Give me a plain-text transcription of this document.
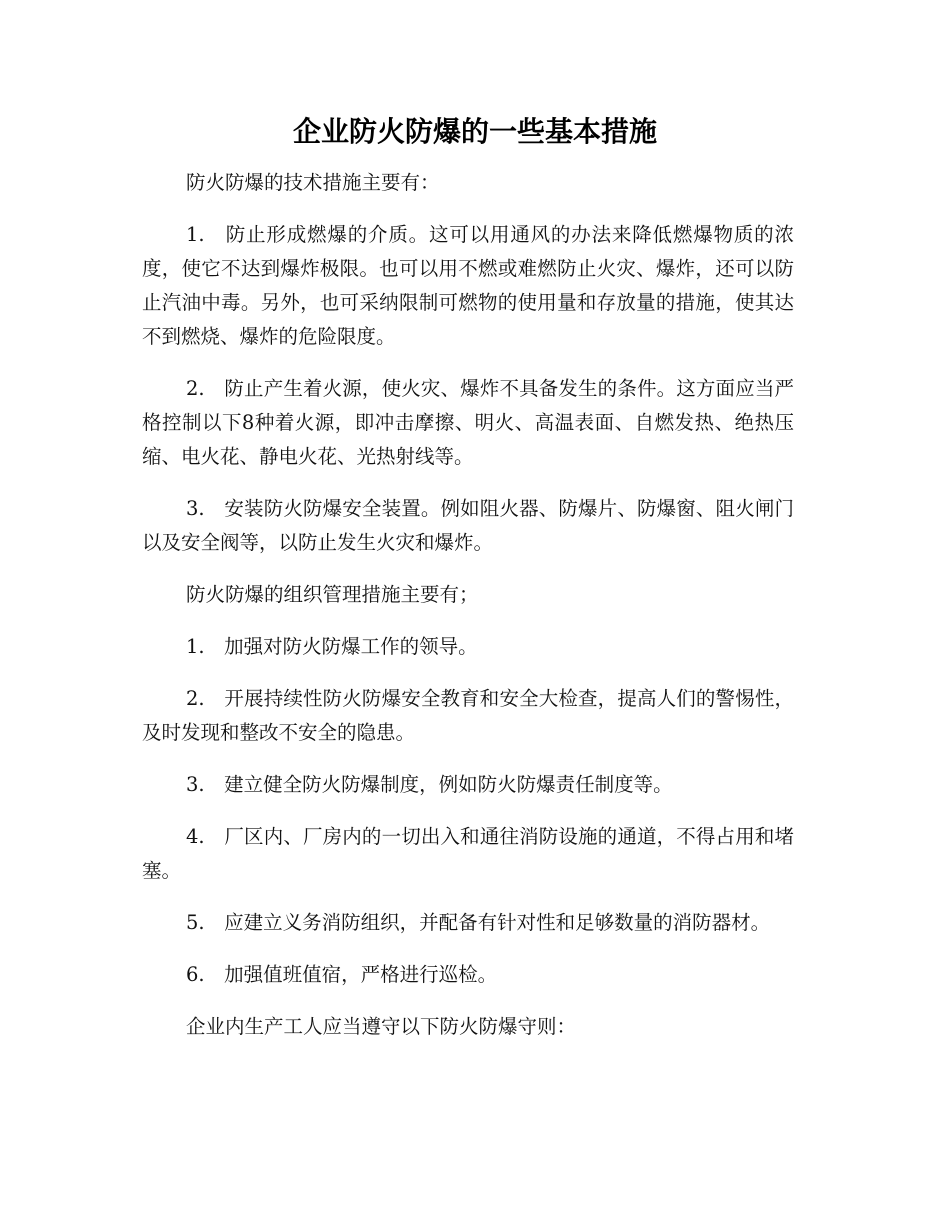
企业防火防爆的一些基本措施

防火防爆的技术措施主要有：

1.　防止形成燃爆的介质。这可以用通风的办法来降低燃爆物质的浓度，使它不达到爆炸极限。也可以用不燃或难燃防止火灾、爆炸，还可以防止汽油中毒。另外，也可采纳限制可燃物的使用量和存放量的措施，使其达不到燃烧、爆炸的危险限度。

2.　防止产生着火源，使火灾、爆炸不具备发生的条件。这方面应当严格控制以下8种着火源，即冲击摩擦、明火、高温表面、自燃发热、绝热压缩、电火花、静电火花、光热射线等。

3.　安装防火防爆安全装置。例如阻火器、防爆片、防爆窗、阻火闸门以及安全阀等，以防止发生火灾和爆炸。

防火防爆的组织管理措施主要有；

1.　加强对防火防爆工作的领导。

2.　开展持续性防火防爆安全教育和安全大检查，提高人们的警惕性，及时发现和整改不安全的隐患。

3.　建立健全防火防爆制度，例如防火防爆责任制度等。

4.　厂区内、厂房内的一切出入和通往消防设施的通道，不得占用和堵塞。

5.　应建立义务消防组织，并配备有针对性和足够数量的消防器材。

6.　加强值班值宿，严格进行巡检。

企业内生产工人应当遵守以下防火防爆守则：
